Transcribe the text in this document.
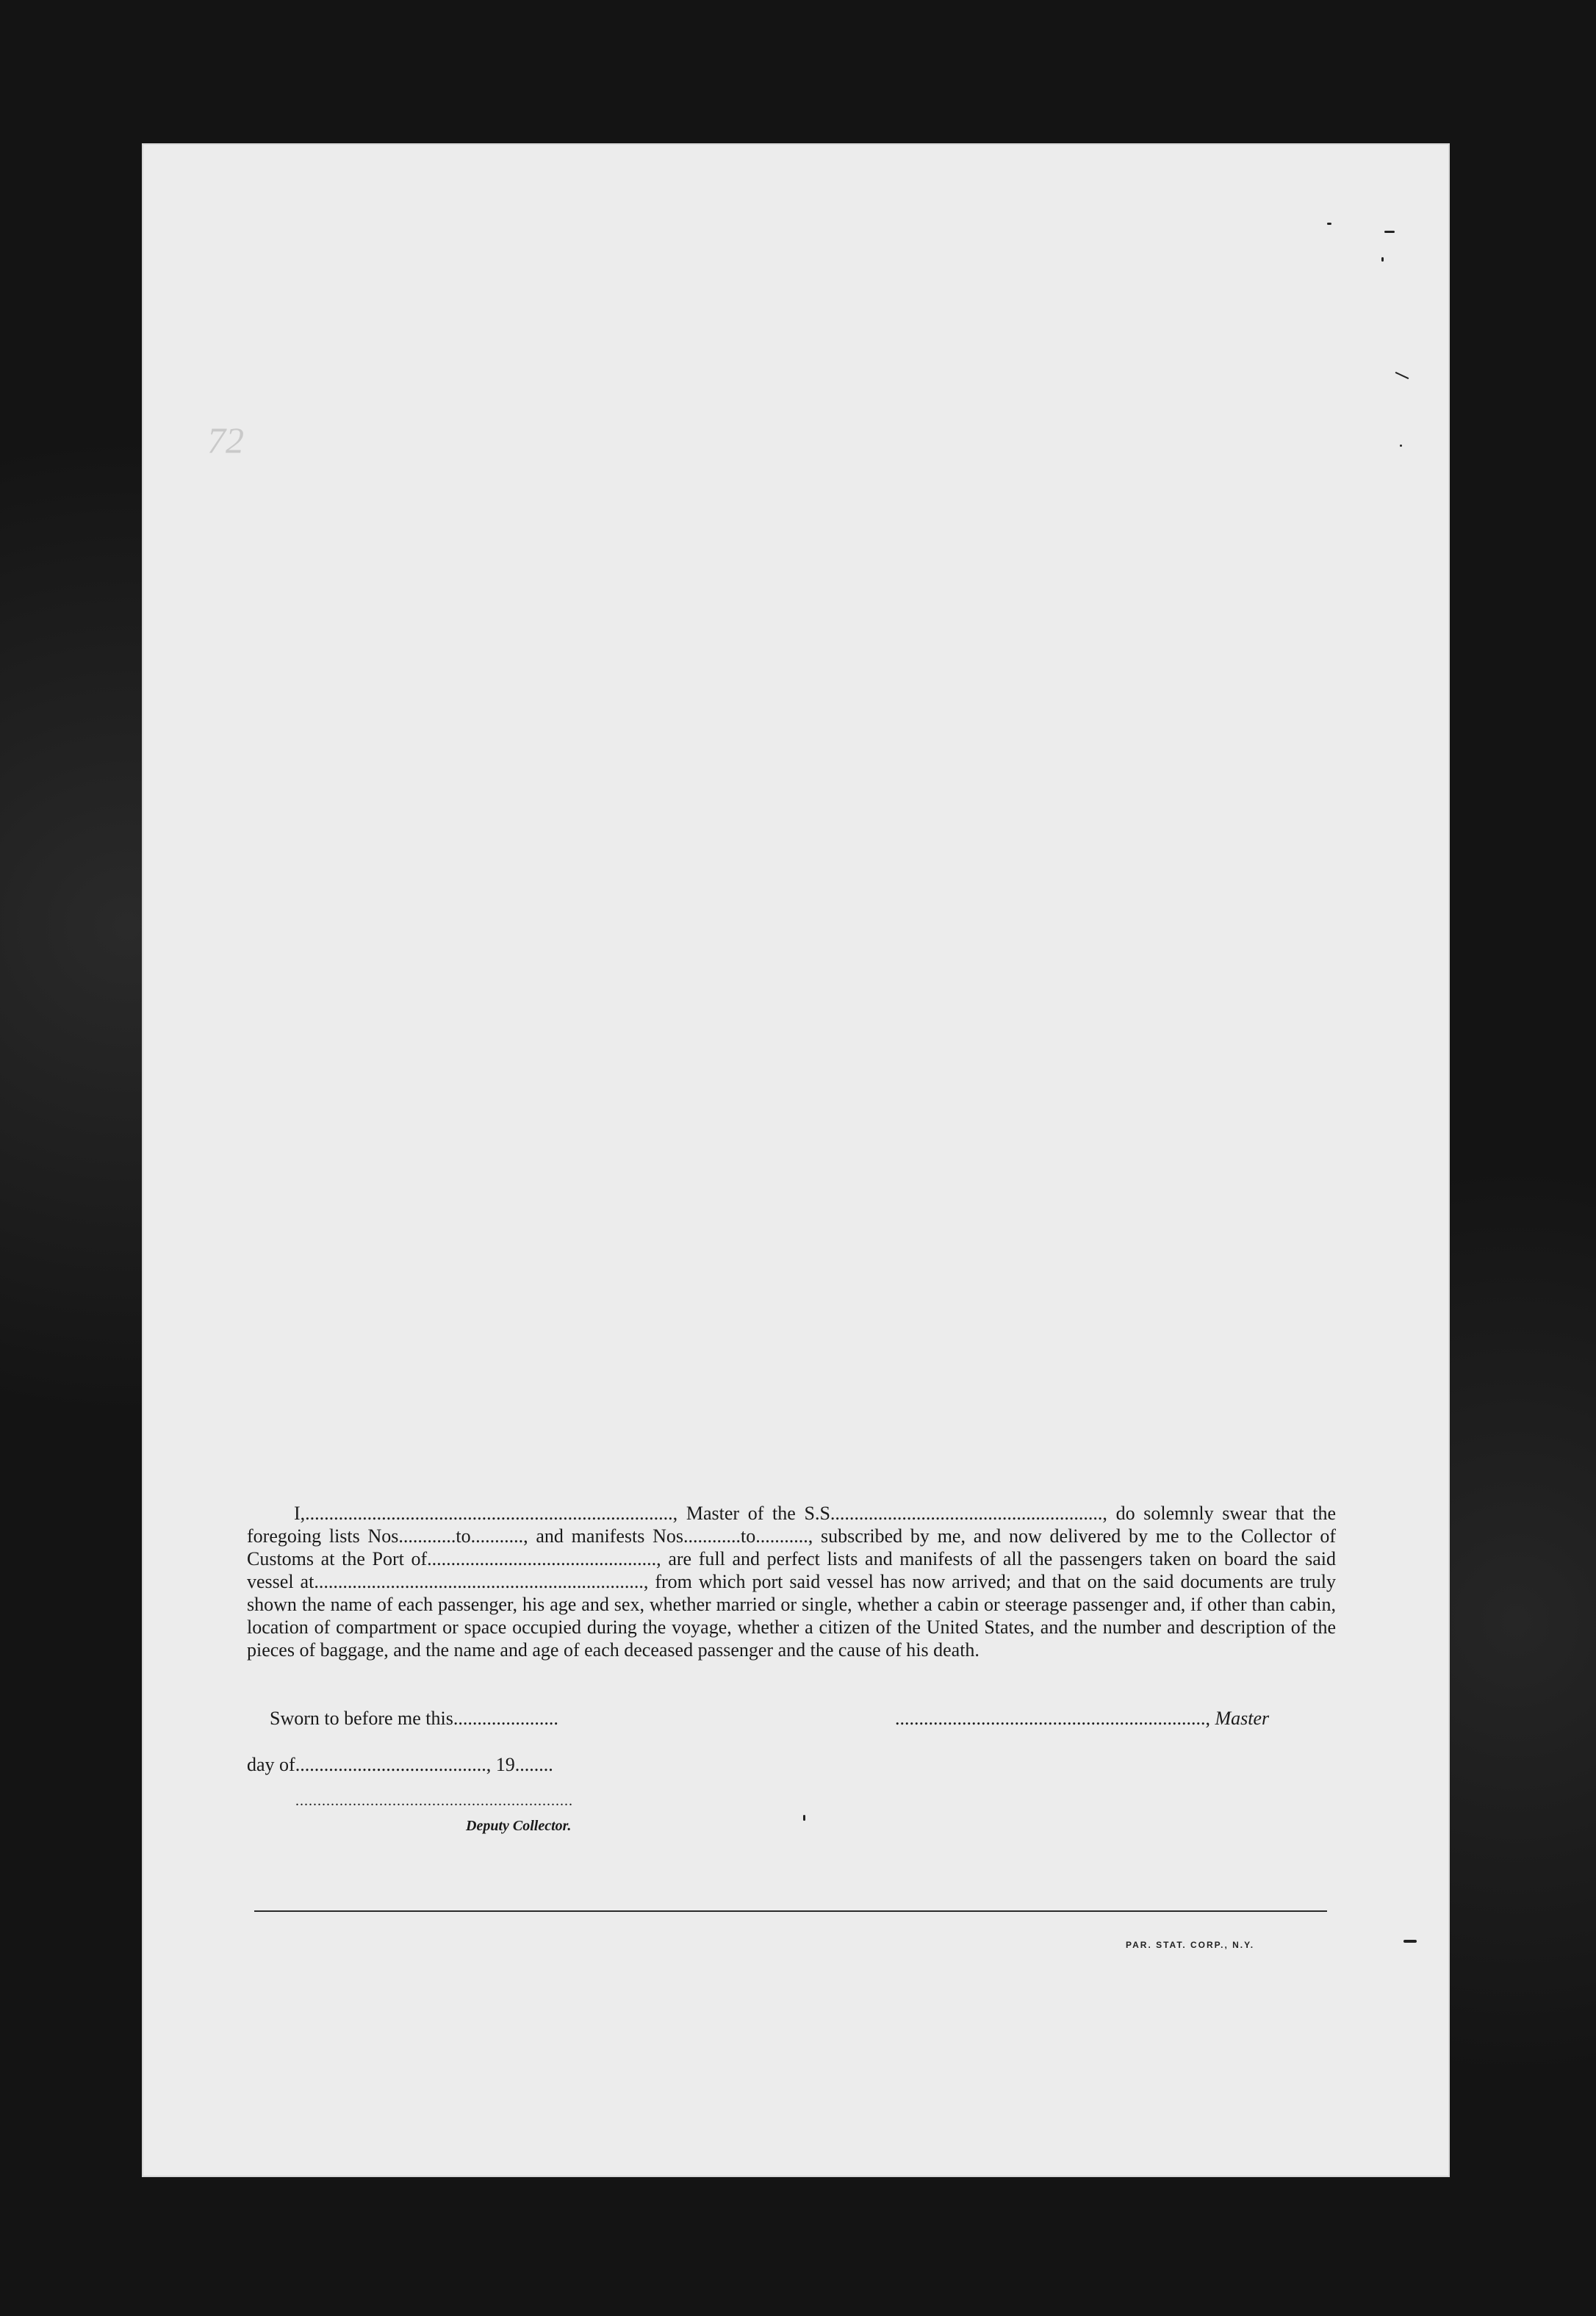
72

I,............................................................................., Master of the S.S........................................................., do solemnly swear that the foregoing lists Nos............to..........., and manifests Nos............to..........., subscribed by me, and now delivered by me to the Collector of Customs at the Port of................................................, are full and perfect lists and manifests of all the passengers taken on board the said vessel at....................................................................., from which port said vessel has now arrived; and that on the said documents are truly shown the name of each passenger, his age and sex, whether married or single, whether a cabin or steerage passenger and, if other than cabin, location of compartment or space occupied during the voyage, whether a citizen of the United States, and the number and description of the pieces of baggage, and the name and age of each deceased passenger and the cause of his death.

Sworn to before me this......................	................................................................., Master
day of........................................, 19........
...............................................................
Deputy Collector.
PAR. STAT. CORP., N.Y.
